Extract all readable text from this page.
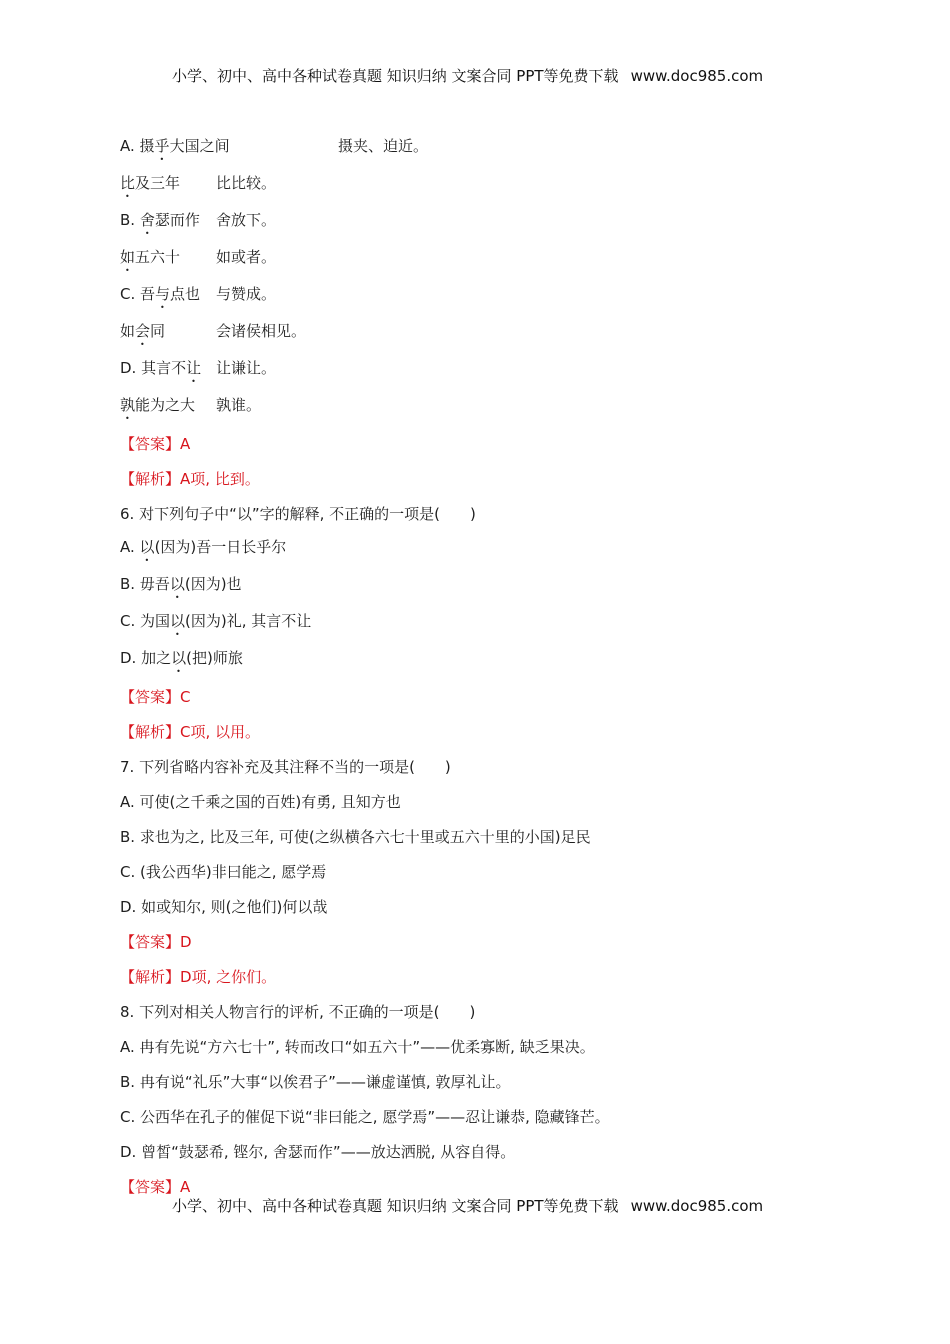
小学、初中、高中各种试卷真题 知识归纳 文案合同 PPT等免费下载 www.doc985.com
A. 摄乎大国之间	摄夹、迫近。
比及三年 比比较。
B. 舍瑟而作 舍放下。
如五六十 如或者。
C. 吾与点也 与赞成。
如会同	会诸侯相见。
D. 其言不让 让谦让。
孰能为之大 孰谁。
【答案】A
【解析】A项, 比到。
6. 对下列句子中“以”字的解释, 不正确的一项是(　　)
A. 以(因为)吾一日长乎尔
B. 毋吾以(因为)也
C. 为国以(因为)礼, 其言不让
D. 加之以(把)师旅
【答案】C
【解析】C项, 以用。
7. 下列省略内容补充及其注释不当的一项是(　　)
A. 可使(之千乘之国的百姓)有勇, 且知方也
B. 求也为之, 比及三年, 可使(之纵横各六七十里或五六十里的小国)足民
C. (我公西华)非曰能之, 愿学焉
D. 如或知尔, 则(之他们)何以哉
【答案】D
【解析】D项, 之你们。
8. 下列对相关人物言行的评析, 不正确的一项是(　　)
A. 冉有先说“方六七十”, 转而改口“如五六十”——优柔寡断, 缺乏果决。
B. 冉有说“礼乐”大事“以俟君子”——谦虚谨慎, 敦厚礼让。
C. 公西华在孔子的催促下说“非曰能之, 愿学焉”——忍让谦恭, 隐藏锋芒。
D. 曾皙“鼓瑟希, 铿尔, 舍瑟而作”——放达洒脱, 从容自得。
【答案】A
小学、初中、高中各种试卷真题 知识归纳 文案合同 PPT等免费下载 www.doc985.com
